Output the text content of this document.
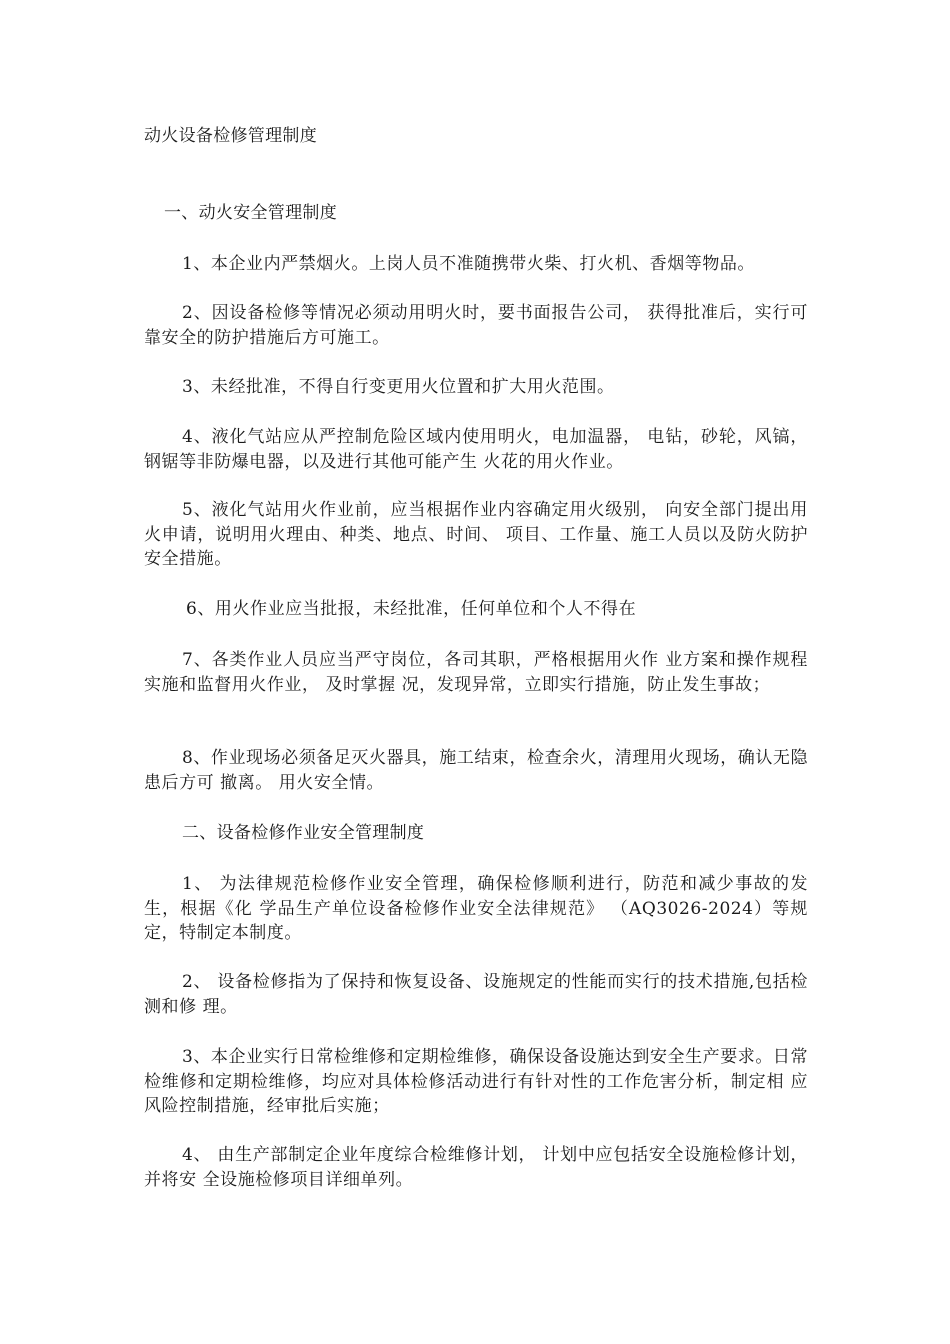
动火设备检修管理制度
一、动火安全管理制度

1、本企业内严禁烟火。上岗人员不准随携带火柴、打火机、香烟等物品。

2、因设备检修等情况必须动用明火时，要书面报告公司， 获得批准后，实行可靠安全的防护措施后方可施工。

3、未经批准，不得自行变更用火位置和扩大用火范围。

4、液化气站应从严控制危险区域内使用明火，电加温器， 电钻，砂轮，风镐，钢锯等非防爆电器，以及进行其他可能产生 火花的用火作业。

5、液化气站用火作业前，应当根据作业内容确定用火级别， 向安全部门提出用火申请，说明用火理由、种类、地点、时间、 项目、工作量、施工人员以及防火防护安全措施。

6、用火作业应当批报，未经批准，任何单位和个人不得在

7、各类作业人员应当严守岗位，各司其职，严格根据用火作 业方案和操作规程实施和监督用火作业， 及时掌握 况，发现异常，立即实行措施，防止发生事故；

8、作业现场必须备足灭火器具，施工结束，检查余火，清理用火现场，确认无隐患后方可 撤离。 用火安全情。

二、设备检修作业安全管理制度

1、 为法律规范检修作业安全管理，确保检修顺利进行，防范和减少事故的发生，根据《化 学品生产单位设备检修作业安全法律规范》 （AQ3026-2024）等规定，特制定本制度。

2、 设备检修指为了保持和恢复设备、设施规定的性能而实行的技术措施,包括检测和修 理。

3、本企业实行日常检维修和定期检维修，确保设备设施达到安全生产要求。日常检维修和定期检维修，均应对具体检修活动进行有针对性的工作危害分析，制定相 应风险控制措施，经审批后实施；

4、 由生产部制定企业年度综合检维修计划， 计划中应包括安全设施检修计划， 并将安 全设施检修项目详细单列。
